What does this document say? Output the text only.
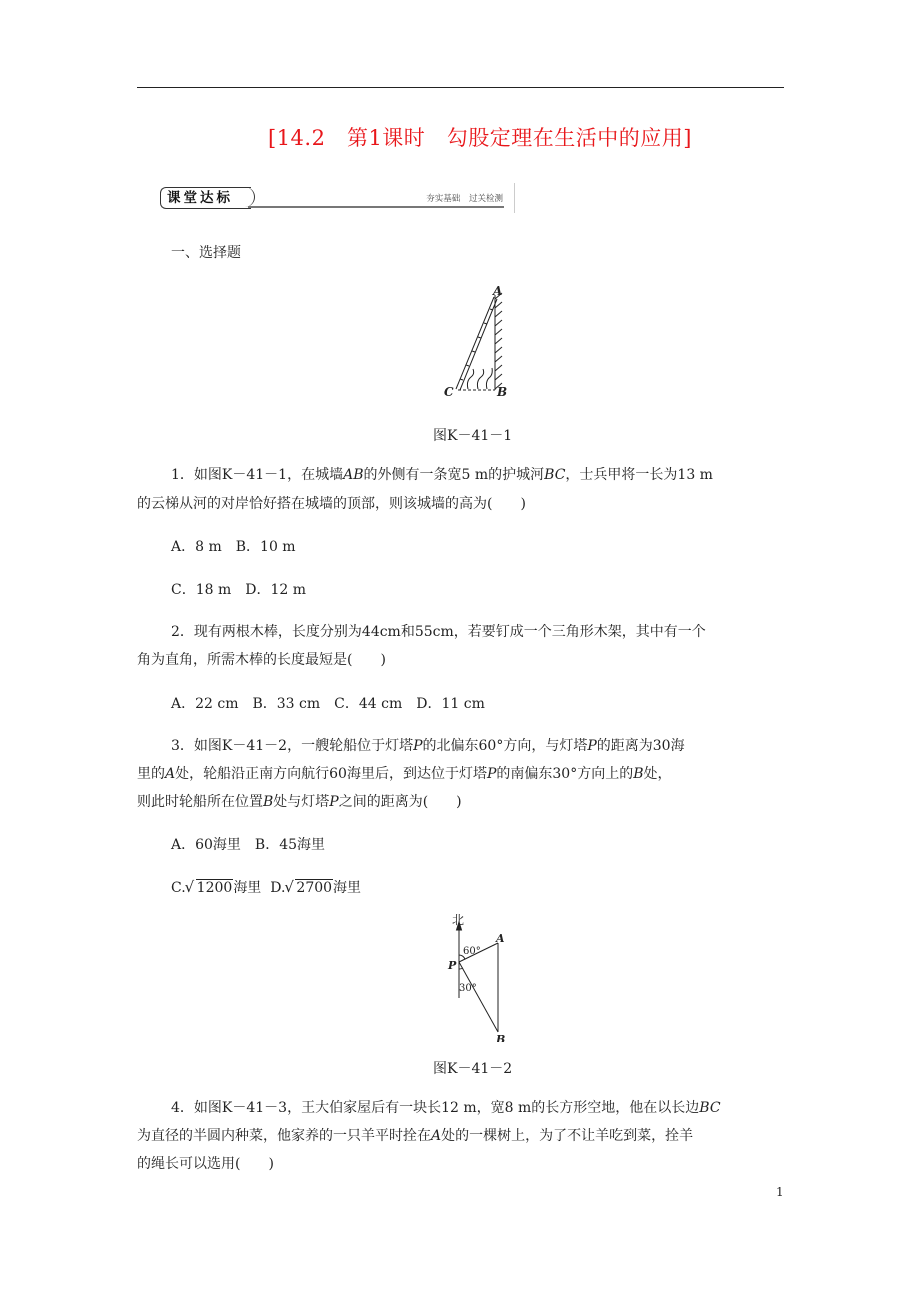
[14.2　第1课时　勾股定理在生活中的应用]
课堂达标	夯实基础 过关检测
一、选择题
A
C	B
图K－41－1
1．如图K－41－1，在城墙AB的外侧有一条宽5 m的护城河BC，士兵甲将一长为13 m
的云梯从河的对岸恰好搭在城墙的顶部，则该城墙的高为(　　)
A．8 m　B．10 m
C．18 m　D．12 m
2．现有两根木棒，长度分别为44cm和55cm，若要钉成一个三角形木架，其中有一个
角为直角，所需木棒的长度最短是(　　)
A．22 cm　B．33 cm　C．44 cm　D．11 cm
3．如图K－41－2，一艘轮船位于灯塔P的北偏东60°方向，与灯塔P的距离为30海
里的A处，轮船沿正南方向航行60海里后，到达位于灯塔P的南偏东30°方向上的B处，
则此时轮船所在位置B处与灯塔P之间的距离为(　　)
A．60海里　B．45海里
C. √ 1200海里 D. √ 2700海里
北
A
P
B
60°
30°
图K－41－2
4．如图K－41－3，王大伯家屋后有一块长12 m，宽8 m的长方形空地，他在以长边BC
为直径的半圆内种菜，他家养的一只羊平时拴在A处的一棵树上，为了不让羊吃到菜，拴羊
的绳长可以选用(　　)
1
